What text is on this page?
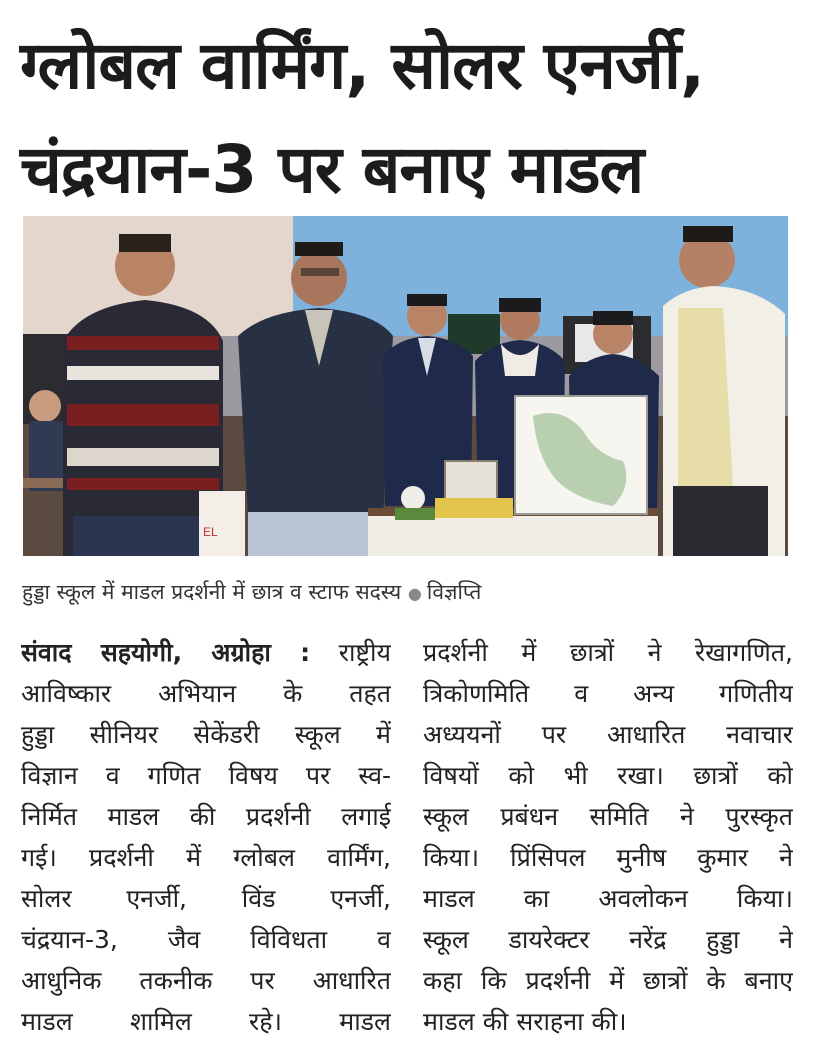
ग्लोबल वार्मिंग, सोलर एनर्जी,
चंद्रयान-3 पर बनाए माडल
EL
हुड्डा स्कूल में माडल प्रदर्शनी में छात्र व स्टाफ सदस्य ● विज्ञप्ति
संवाद सहयोगी, अग्रोहा : राष्ट्रीय
आविष्कार अभियान के तहत
हुड्डा सीनियर सेकेंडरी स्कूल में
विज्ञान व गणित विषय पर स्व-
निर्मित माडल की प्रदर्शनी लगाई
गई। प्रदर्शनी में ग्लोबल वार्मिंग,
सोलर एनर्जी, विंड एनर्जी,
चंद्रयान-3, जैव विविधता व
आधुनिक तकनीक पर आधारित
माडल शामिल रहे। माडल
प्रदर्शनी में छात्रों ने रेखागणित,
त्रिकोणमिति व अन्य गणितीय
अध्ययनों पर आधारित नवाचार
विषयों को भी रखा। छात्रों को
स्कूल प्रबंधन समिति ने पुरस्कृत
किया। प्रिंसिपल मुनीष कुमार ने
माडल का अवलोकन किया।
स्कूल डायरेक्टर नरेंद्र हुड्डा ने
कहा कि प्रदर्शनी में छात्रों के बनाए
माडल की सराहना की।
